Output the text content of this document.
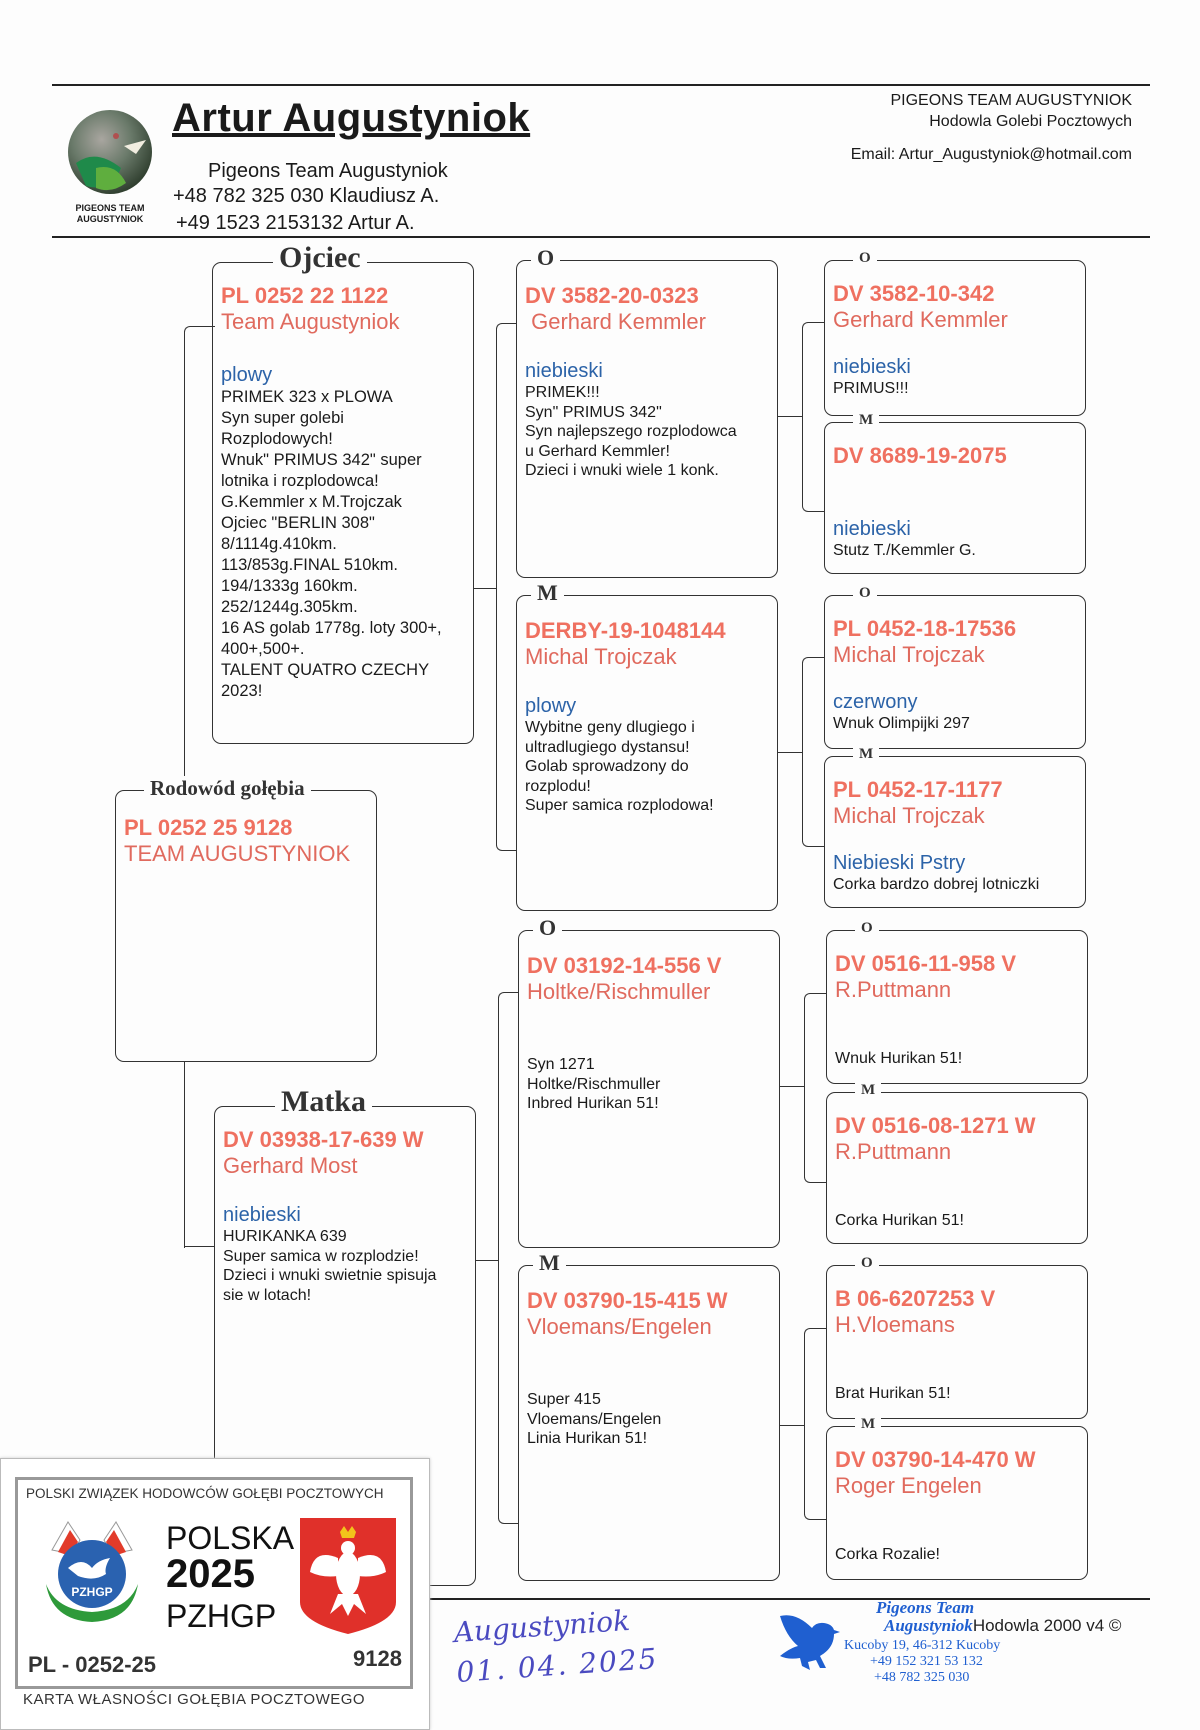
PIGEONS TEAM AUGUSTYNIOK
Artur Augustyniok
Pigeons Team Augustyniok
+48 782 325 030 Klaudiusz A.
+49 1523 2153132 Artur A.
PIGEONS TEAM AUGUSTYNIOK
Hodowla Golebi Pocztowych
Email: Artur_Augustyniok@hotmail.com
Ojciec
PL 0252 22 1122
Team Augustyniok
plowy
PRIMEK 323 x PLOWA
Syn super golebi
Rozplodowych!
Wnuk" PRIMUS 342" super
lotnika i rozplodowca!
G.Kemmler x M.Trojczak
Ojciec "BERLIN 308"
8/1114g.410km.
113/853g.FINAL 510km.
194/1333g 160km.
252/1244g.305km.
16 AS golab 1778g. loty 300+,
400+,500+.
TALENT QUATRO CZECHY
2023!
Rodowód gołębia
PL 0252 25 9128
TEAM AUGUSTYNIOK
Matka
DV 03938-17-639 W
Gerhard Most
niebieski
HURIKANKA 639
Super samica w rozplodzie!
Dzieci i wnuki swietnie spisuja
sie w lotach!
O
DV 3582-20-0323
Gerhard Kemmler
niebieski
PRIMEK!!!
Syn" PRIMUS 342"
Syn najlepszego rozplodowca
u Gerhard Kemmler!
Dzieci i wnuki wiele 1 konk.
M
DERBY-19-1048144
Michal Trojczak
plowy
Wybitne geny dlugiego i
ultradlugiego dystansu!
Golab sprowadzony do
rozplodu!
Super samica rozplodowa!
O
DV 03192-14-556 V
Holtke/Rischmuller
Syn 1271
Holtke/Rischmuller
Inbred Hurikan 51!
M
DV 03790-15-415 W
Vloemans/Engelen
Super 415
Vloemans/Engelen
Linia Hurikan 51!
O
DV 3582-10-342
Gerhard Kemmler
niebieski
PRIMUS!!!
M
DV 8689-19-2075
niebieski
Stutz T./Kemmler G.
O
PL 0452-18-17536
Michal Trojczak
czerwony
Wnuk Olimpijki 297
M
PL 0452-17-1177
Michal Trojczak
Niebieski Pstry
Corka bardzo dobrej lotniczki
O
DV 0516-11-958 V
R.Puttmann
Wnuk Hurikan 51!
M
DV 0516-08-1271 W
R.Puttmann
Corka Hurikan 51!
O
B 06-6207253 V
H.Vloemans
Brat Hurikan 51!
M
DV 03790-14-470 W
Roger Engelen
Corka Rozalie!
Augustyniok
01. 04. 2025
Pigeons Team
AugustyniokHodowla 2000 v4 ©
Kucoby 19, 46-312 Kucoby
+49 152 321 53 132
+48 782 325 030
POLSKI ZWIĄZEK HODOWCÓW GOŁĘBI POCZTOWYCH
PZHGP
POLSKA
2025
PZHGP
PL - 0252-25	9128
KARTA WŁASNOŚCI GOŁĘBIA POCZTOWEGO
